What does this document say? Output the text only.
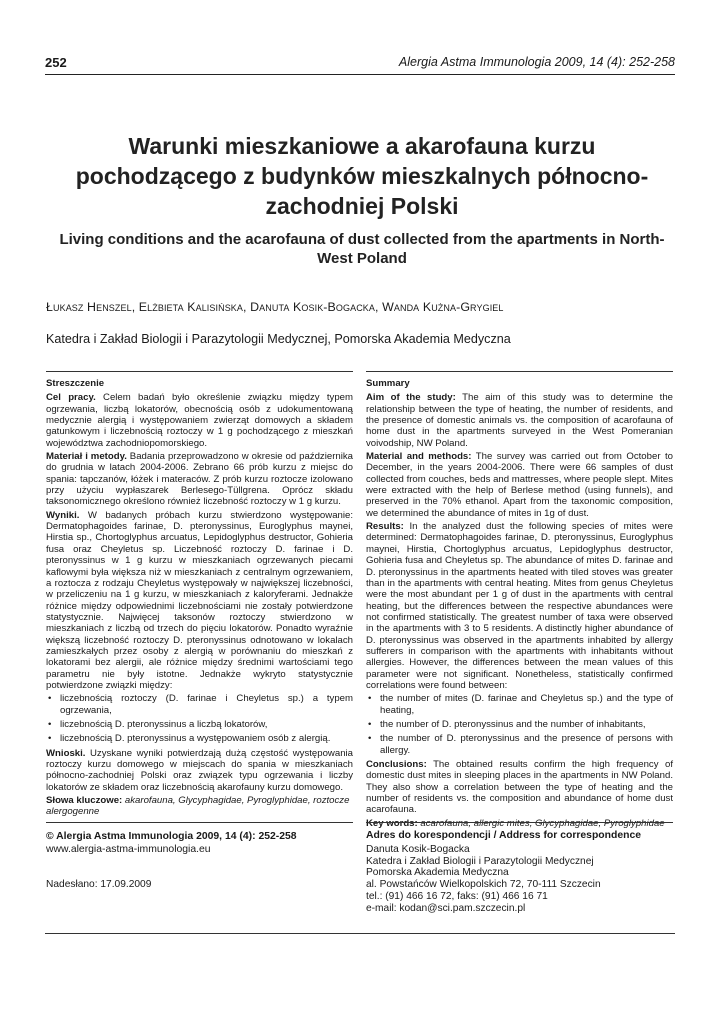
252	Alergia Astma Immunologia 2009, 14 (4): 252-258
Warunki mieszkaniowe a akarofauna kurzu pochodzącego z budynków mieszkalnych północno-zachodniej Polski
Living conditions and the acarofauna of dust collected from the apartments in North-West Poland
Łukasz Henszel, Elżbieta Kalisińska, Danuta Kosik-Bogacka, Wanda Kużna-Grygiel
Katedra i Zakład Biologii i Parazytologii Medycznej, Pomorska Akademia Medyczna
Streszczenie

Cel pracy. Celem badań było określenie związku między typem ogrzewania, liczbą lokatorów, obecnością osób z udokumentowaną medycznie alergią i występowaniem zwierząt domowych a składem gatunkowym i liczebnością roztoczy w 1 g pochodzącego z mieszkań województwa zachodniopomorskiego.

Materiał i metody. Badania przeprowadzono w okresie od października do grudnia w latach 2004-2006. Zebrano 66 prób kurzu z miejsc do spania: tapczanów, łóżek i materaców. Z prób kurzu roztocze izolowano przy użyciu wypłaszarek Berlesego-Tüllgrena. Oprócz składu taksonomicznego określono również liczebność roztoczy w 1 g kurzu.

Wyniki. W badanych próbach kurzu stwierdzono występowanie: Dermatophagoides farinae, D. pteronyssinus, Euroglyphus maynei, Hirstia sp., Chortoglyphus arcuatus, Lepidoglyphus destructor, Gohieria fusa oraz Cheyletus sp. Liczebność roztoczy D. farinae i D. pteronyssinus w 1 g kurzu w mieszkaniach ogrzewanych piecami kaflowymi była większa niż w mieszkaniach z centralnym ogrzewaniem, a roztocza z rodzaju Cheyletus występowały w największej liczebności, w przeliczeniu na 1 g kurzu, w mieszkaniach z kaloryferami. Jednakże różnice między odpowiednimi liczebnościami nie zostały potwierdzone statystycznie. Najwięcej taksonów roztoczy stwierdzono w mieszkaniach z liczbą od trzech do pięciu lokatorów. Ponadto wyraźnie większą liczebność roztoczy D. pteronyssinus odnotowano w lokalach zamieszkałych przez osoby z alergią w porównaniu do mieszkań z lokatorami bez alergii, ale różnice między średnimi wartościami tego parametru nie były istotne. Jednakże wykryto statystycznie potwierdzone związki między:

• liczebnością roztoczy (D. farinae i Cheyletus sp.) a typem ogrzewania,
• liczebnością D. pteronyssinus a liczbą lokatorów,
• liczebnością D. pteronyssinus a występowaniem osób z alergią.

Wnioski. Uzyskane wyniki potwierdzają dużą częstość występowania roztoczy kurzu domowego w miejscach do spania w mieszkaniach północno-zachodniej Polski oraz związek typu ogrzewania i liczby lokatorów ze składem oraz liczebnością akarofauny kurzu domowego.

Słowa kluczowe: akarofauna, Glycyphagidae, Pyroglyphidae, roztocze alergogenne

Summary

Aim of the study: The aim of this study was to determine the relationship between the type of heating, the number of residents, and the presence of domestic animals vs. the composition of acarofauna of home dust in the apartments surveyed in the West Pomeranian voivodship, NW Poland.

Material and methods: The survey was carried out from October to December, in the years 2004-2006. There were 66 samples of dust collected from couches, beds and mattresses, where people slept. Mites were extracted with the help of Berlese method (using funnels), and preserved in the 70% ethanol. Apart from the taxonomic composition, we determined the abundance of mites in 1g of dust.

Results: In the analyzed dust the following species of mites were determined: Dermatophagoides farinae, D. pteronyssinus, Euroglyphus maynei, Hirstia, Chortoglyphus arcuatus, Lepidoglyphus destructor, Gohieria fusa and Cheyletus sp. The abundance of mites D. farinae and D. pteronyssinus in the apartments heated with tiled stoves was greater than in the apartments with central heating. Mites from genus Cheyletus were the most abundant per 1 g of dust in the apartments with central heating, but the differences between the respective abundances were not confirmed statistically. The greatest number of taxa were observed in the apartments with 3 to 5 residents. A distinctly higher abundance of D. pteronyssinus was observed in the apartments inhabited by allergy sufferers in comparison with the apartments with inhabitants without allergies. However, the differences between the mean values of this parameter were not significant. Nonetheless, statistically confirmed correlations were found between:

• the number of mites (D. farinae and Cheyletus sp.) and the type of heating,
• the number of D. pteronyssinus and the number of inhabitants,
• the number of D. pteronyssinus and the presence of persons with allergy.

Conclusions: The obtained results confirm the high frequency of domestic dust mites in sleeping places in the apartments in NW Poland. They also show a correlation between the type of heating and the number of residents vs. the composition and abundance of home dust acarofauna.

Key words: acarofauna, allergic mites, Glycyphagidae, Pyroglyphidae

© Alergia Astma Immunologia 2009, 14 (4): 252-258
www.alergia-astma-immunologia.eu
Nadesłano: 17.09.2009
Adres do korespondencji / Address for correspondence
Danuta Kosik-Bogacka
Katedra i Zakład Biologii i Parazytologii Medycznej
Pomorska Akademia Medyczna
al. Powstańców Wielkopolskich 72, 70-111 Szczecin
tel.: (91) 466 16 72, faks: (91) 466 16 71
e-mail: kodan@sci.pam.szczecin.pl
